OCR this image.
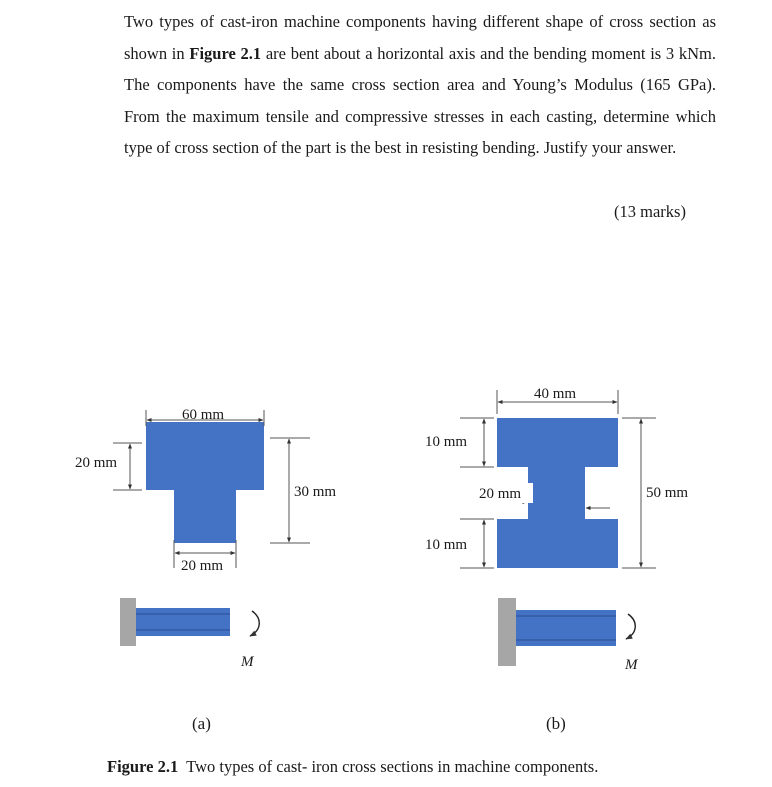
Two types of cast-iron machine components having different shape of cross section as shown in Figure 2.1 are bent about a horizontal axis and the bending moment is 3 kNm. The components have the same cross section area and Young’s Modulus (165 GPa). From the maximum tensile and compressive stresses in each casting, determine which type of cross section of the part is the best in resisting bending. Justify your answer.

(13 marks)
60 mm
20 mm
30 mm
20 mm
M
40 mm
10 mm
20 mm
10 mm
50 mm
M
(a)	(b)
Figure 2.1  Two types of cast- iron cross sections in machine components.
